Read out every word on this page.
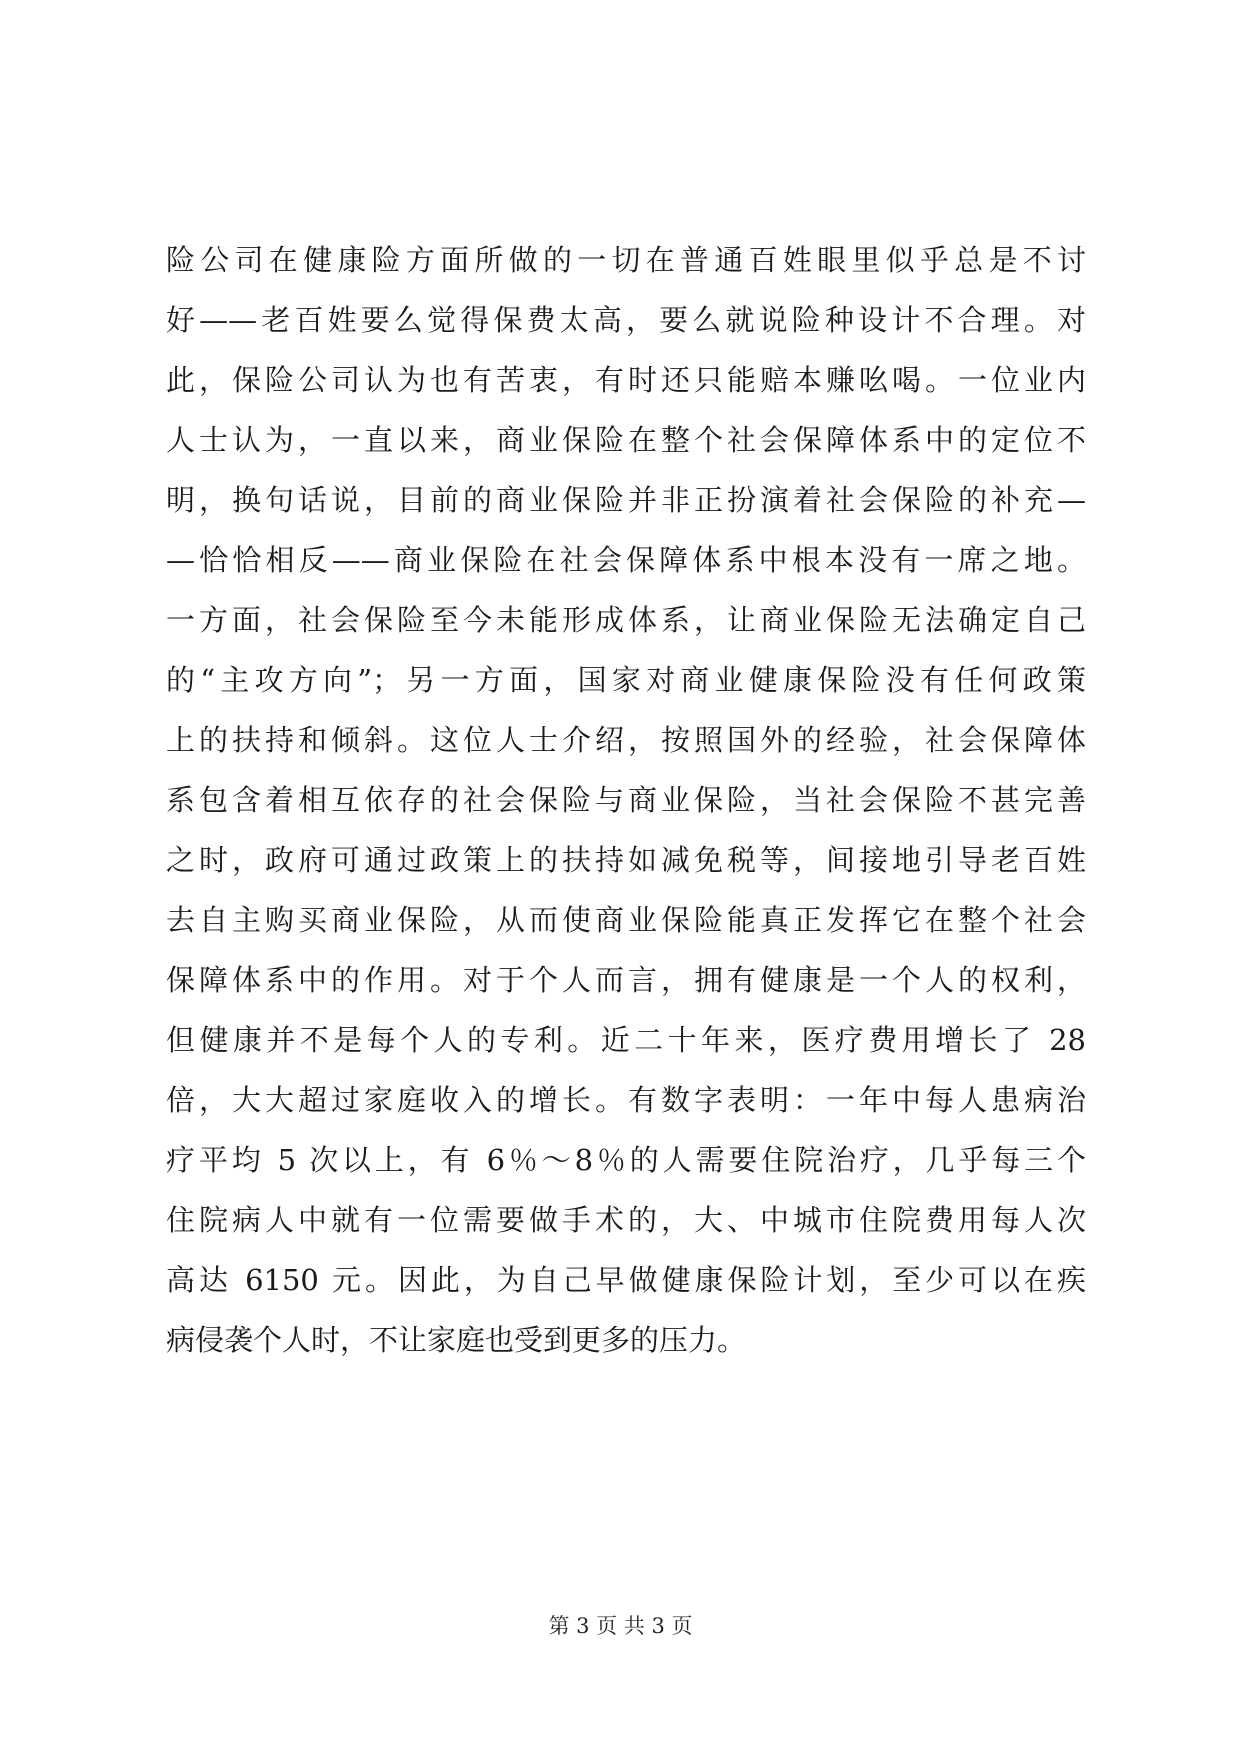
险公司在健康险方面所做的一切在普通百姓眼里似乎总是不讨
好——老百姓要么觉得保费太高，要么就说险种设计不合理。对
此，保险公司认为也有苦衷，有时还只能赔本赚吆喝。一位业内
人士认为，一直以来，商业保险在整个社会保障体系中的定位不
明，换句话说，目前的商业保险并非正扮演着社会保险的补充—
—恰恰相反——商业保险在社会保障体系中根本没有一席之地。
一方面，社会保险至今未能形成体系，让商业保险无法确定自己
的“主攻方向”；另一方面，国家对商业健康保险没有任何政策
上的扶持和倾斜。这位人士介绍，按照国外的经验，社会保障体
系包含着相互依存的社会保险与商业保险，当社会保险不甚完善
之时，政府可通过政策上的扶持如减免税等，间接地引导老百姓
去自主购买商业保险，从而使商业保险能真正发挥它在整个社会
保障体系中的作用。对于个人而言，拥有健康是一个人的权利，
但健康并不是每个人的专利。近二十年来，医疗费用增长了 28
倍，大大超过家庭收入的增长。有数字表明：一年中每人患病治
疗平均 5 次以上，有 6％～8％的人需要住院治疗，几乎每三个
住院病人中就有一位需要做手术的，大、中城市住院费用每人次
高达 6150 元。因此，为自己早做健康保险计划，至少可以在疾
病侵袭个人时，不让家庭也受到更多的压力。
第 3 页 共 3 页
